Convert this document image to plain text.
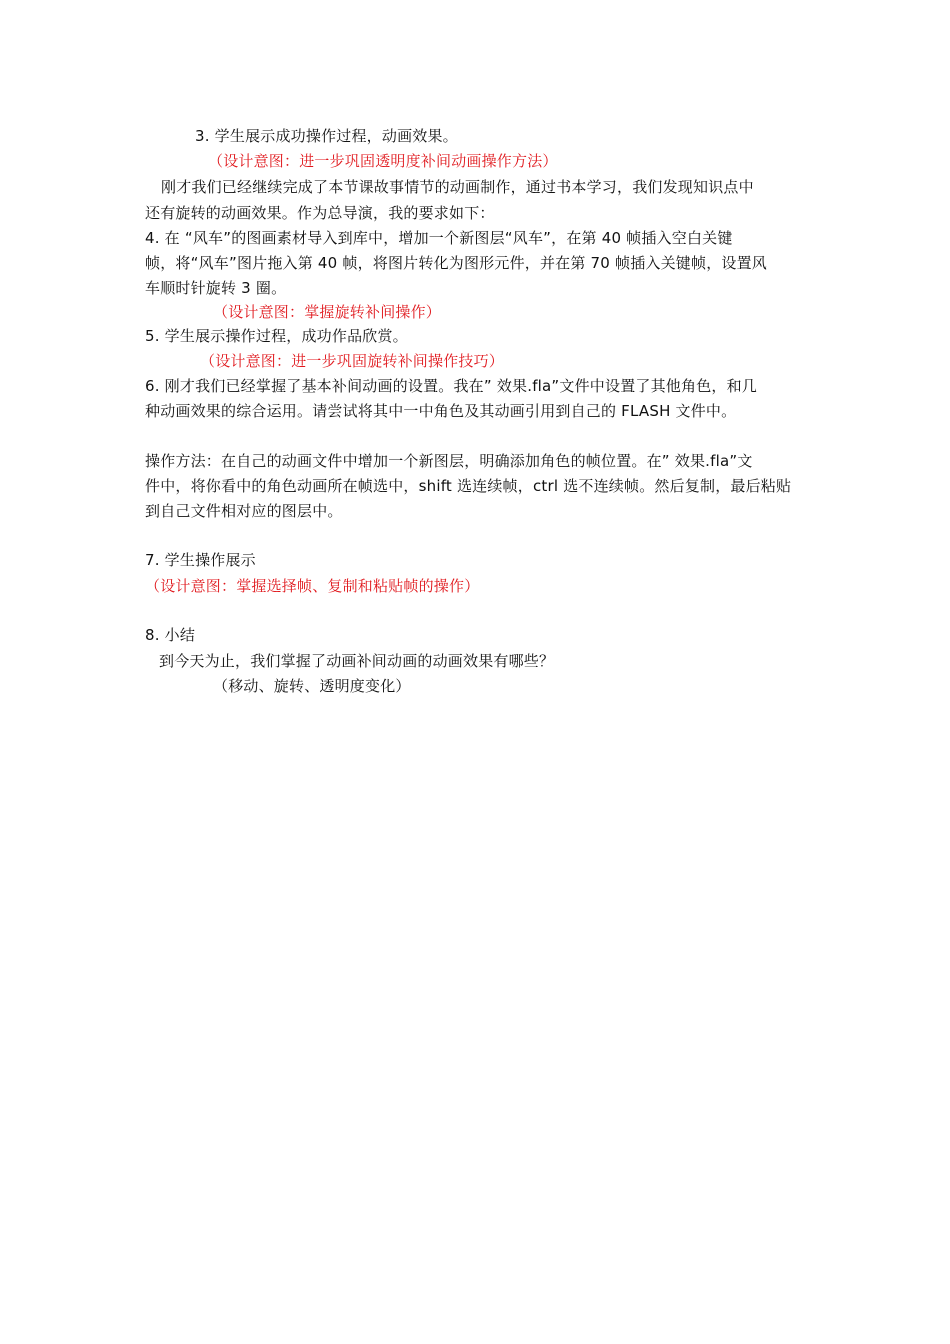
3. 学生展示成功操作过程，动画效果。
（设计意图：进一步巩固透明度补间动画操作方法）
刚才我们已经继续完成了本节课故事情节的动画制作，通过书本学习，我们发现知识点中
还有旋转的动画效果。作为总导演，我的要求如下：
4. 在 “风车”的图画素材导入到库中，增加一个新图层“风车”，在第 40 帧插入空白关键
帧，将“风车”图片拖入第 40 帧，将图片转化为图形元件，并在第 70 帧插入关键帧，设置风
车顺时针旋转 3 圈。
（设计意图：掌握旋转补间操作）
5. 学生展示操作过程，成功作品欣赏。
（设计意图：进一步巩固旋转补间操作技巧）
6. 刚才我们已经掌握了基本补间动画的设置。我在” 效果.fla”文件中设置了其他角色，和几
种动画效果的综合运用。请尝试将其中一中角色及其动画引用到自己的 FLASH 文件中。
操作方法：在自己的动画文件中增加一个新图层，明确添加角色的帧位置。在” 效果.fla”文
件中，将你看中的角色动画所在帧选中，shift 选连续帧，ctrl 选不连续帧。然后复制，最后粘贴
到自己文件相对应的图层中。
7. 学生操作展示
（设计意图：掌握选择帧、复制和粘贴帧的操作）
8. 小结
到今天为止，我们掌握了动画补间动画的动画效果有哪些？
（移动、旋转、透明度变化）
